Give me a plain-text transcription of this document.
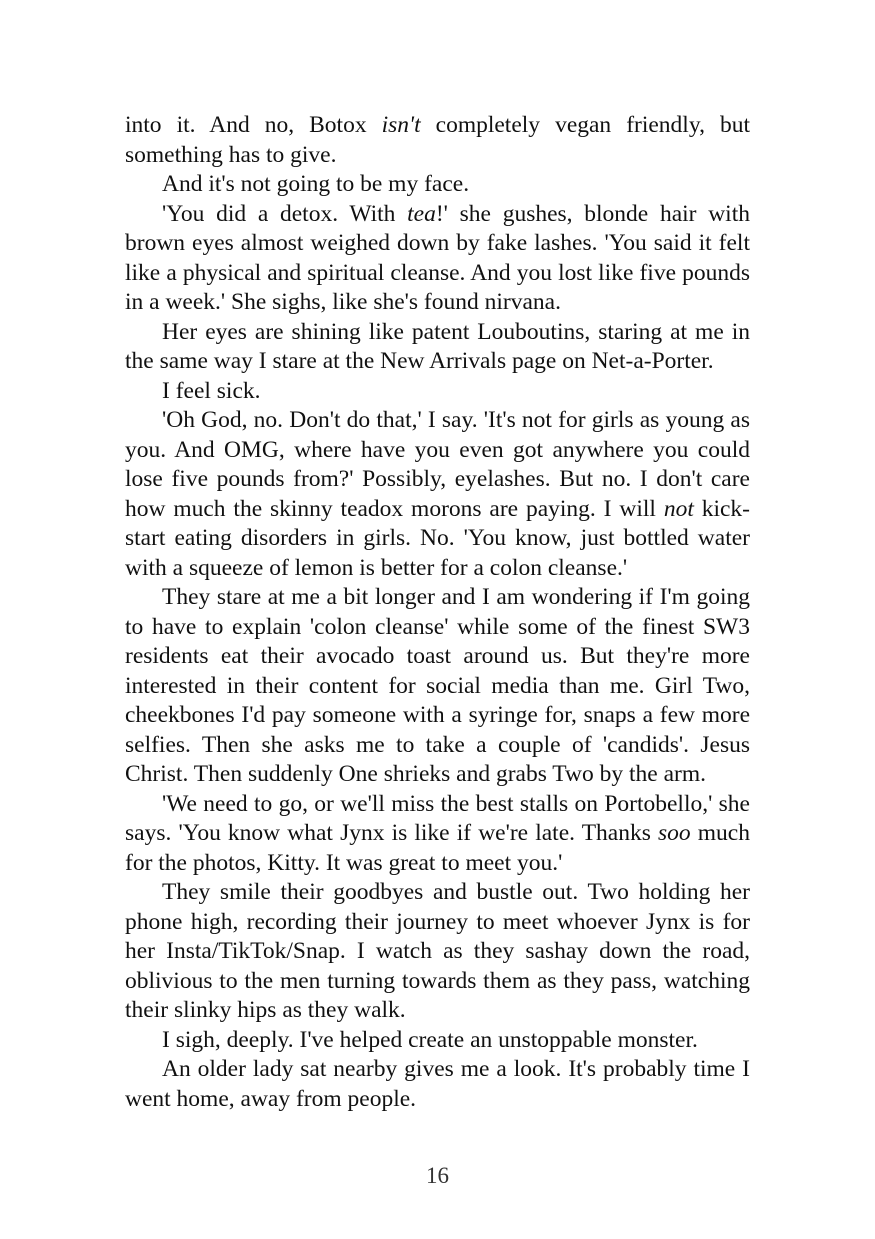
into it. And no, Botox isn't completely vegan friendly, but something has to give.

And it's not going to be my face.

'You did a detox. With tea!' she gushes, blonde hair with brown eyes almost weighed down by fake lashes. 'You said it felt like a physical and spiritual cleanse. And you lost like five pounds in a week.' She sighs, like she's found nirvana.

Her eyes are shining like patent Louboutins, staring at me in the same way I stare at the New Arrivals page on Net-a-Porter.

I feel sick.

'Oh God, no. Don't do that,' I say. 'It's not for girls as young as you. And OMG, where have you even got anywhere you could lose five pounds from?' Possibly, eyelashes. But no. I don't care how much the skinny teadox morons are paying. I will not kick-start eating disorders in girls. No. 'You know, just bottled water with a squeeze of lemon is better for a colon cleanse.'

They stare at me a bit longer and I am wondering if I'm going to have to explain 'colon cleanse' while some of the finest SW3 residents eat their avocado toast around us. But they're more interested in their content for social media than me. Girl Two, cheekbones I'd pay someone with a syringe for, snaps a few more selfies. Then she asks me to take a couple of 'candids'. Jesus Christ. Then suddenly One shrieks and grabs Two by the arm.

'We need to go, or we'll miss the best stalls on Portobello,' she says. 'You know what Jynx is like if we're late. Thanks soo much for the photos, Kitty. It was great to meet you.'

They smile their goodbyes and bustle out. Two holding her phone high, recording their journey to meet whoever Jynx is for her Insta/TikTok/Snap. I watch as they sashay down the road, oblivious to the men turning towards them as they pass, watching their slinky hips as they walk.

I sigh, deeply. I've helped create an unstoppable monster.

An older lady sat nearby gives me a look. It's probably time I went home, away from people.

16
